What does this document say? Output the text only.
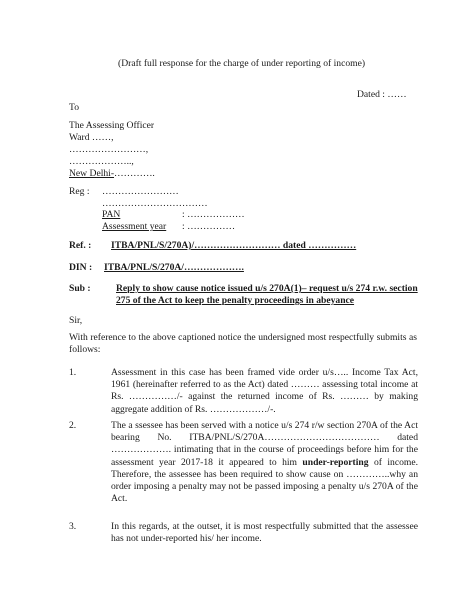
(Draft full response for the charge of under reporting of income)
Dated : ……
To
The Assessing Officer
Ward ……,
……………………,
………………..,
New Delhi-………….
Reg : ……………………
……………………………
PAN	: ………………
Assessment year : ……………
Ref. : ITBA/PNL/S/270A)/……………………… dated ……………
DIN : ITBA/PNL/S/270A/……………….
Sub :	Reply to show cause notice issued u/s 270A(1)– request u/s 274 r.w. section
275 of the Act to keep the penalty proceedings in abeyance
Sir,
With reference to the above captioned notice the undersigned most respectfully submits as follows:
1.	Assessment in this case has been framed vide order u/s….. Income Tax Act, 1961 (hereinafter referred to as the Act) dated ……… assessing total income at Rs. ……………/- against the returned income of Rs. ……… by making aggregate addition of Rs. ………………/-.
2.	The a ssessee has been served with a notice u/s 274 r/w section 270A of the Act bearing No. ITBA/PNL/S/270A……………………………… dated ………………. intimating that in the course of proceedings before him for the assessment year 2017-18 it appeared to him under-reporting of income. Therefore, the assessee has been required to show cause on …………..why an order imposing a penalty may not be passed imposing a penalty u/s 270A of the Act.
3.	In this regards, at the outset, it is most respectfully submitted that the assessee has not under-reported his/ her income.
